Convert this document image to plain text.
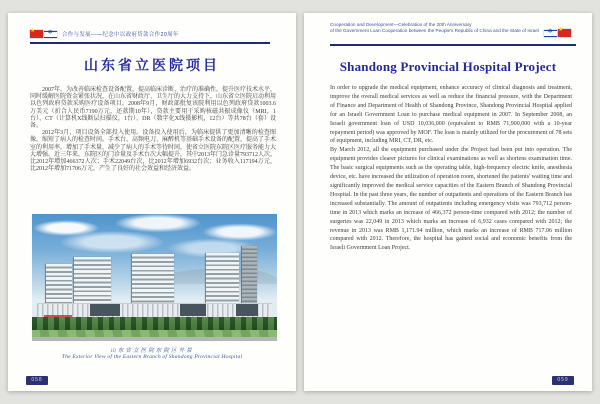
★ ✡ 合作与发展——纪念中以政府贷款合作20周年
山东省立医院项目

2007年，为改善临床检查设备配置，提高临床诊断、治疗的准确性，提升医疗技术水平，同时缓解医院资金紧张状况，在山东省财政厅、卫生厅的大力支持下，山东省立医院启动利用以色列政府贷款采购医疗设备项目。2008年9月，财政部批复该院利用以色列政府贷款1003.6万美元（折合人民币7190万元，还款期10年），贷款主要用于采购核磁共振成像仪（MRI，1台）、CT（计算机X线断层扫描仪，1台）、DR（数字化X线摄影机，12台）等共78台（套）设备。

2012年3月，项目设备全部投入使用。设备投入使用后，为临床提供了更加清晰的检查图像，缩短了病人的检查时间。手术台、高频电刀、麻醉机等基础手术设备的配置，提高了手术室的利用率，增加了手术量，减少了病人的手术等待时间，使省立医院东院区医疗服务能力大大增强。近三年来，东院区的门诊量及手术台次大幅提升，其中2013年门急诊量793712人次，比2012年增加466372人次；手术22049台次，比2012年增加6932台次；业务收入117194万元，比2012年增加71706万元，产生了良好的社会效益和经济效益。

山东省立医院东院区外景
The Exterior View of the Eastern Branch of Shandong Provincial Hospital
058
Cooperation and Development—Celebration of the 20th Anniversary
of the Government Loan Cooperation between the People's Republic of China and the State of Israel	✡ ★
Shandong Provincial Hospital Project

In order to upgrade the medical equipment, enhance accuracy of clinical diagnosis and treatment, improve the overall medical services as well as reduce the financial pressure, with the Department of Finance and Department of Health of Shandong Province, Shandong Provincial Hospital applied for an Israeli Government Loan to purchase medical equipment in 2007. In September 2008, an Israeli government loan of USD 10,036,000 (equivalent to RMB 71,900,000 with a 10-year repayment period) was approved by MOF. The loan is mainly utilized for the procurement of 78 sets of equipment, including MRI, CT, DR, etc.

By March 2012, all the equipment purchased under the Project had been put into operation. The equipment provides clearer pictures for clinical examinations as well as shortens examination time. The basic surgical equipments such as the operating table, high-frequency electric knife, anesthesia device, etc. have increased the utilization of operation room, shortened the patients' waiting time and significantly improved the medical service capacities of the Eastern Branch of Shandong Provincial Hospital. In the past three years, the number of outpatients and operations of the Eastern Branch has increased substantially. The amount of outpatients including emergency visits was 793,712 person-time in 2013 which marks an increase of 466,372 person-time compared with 2012; the number of surgeries was 22,049 in 2013 which marks an increase of 6,932 cases compared with 2012; the revenue in 2013 was RMB 1,171.94 million, which marks an increase of RMB 717.06 million compared with 2012. Therefore, the hospital has gained social and economic benefits from the Israeli Government Loan Project.

059
